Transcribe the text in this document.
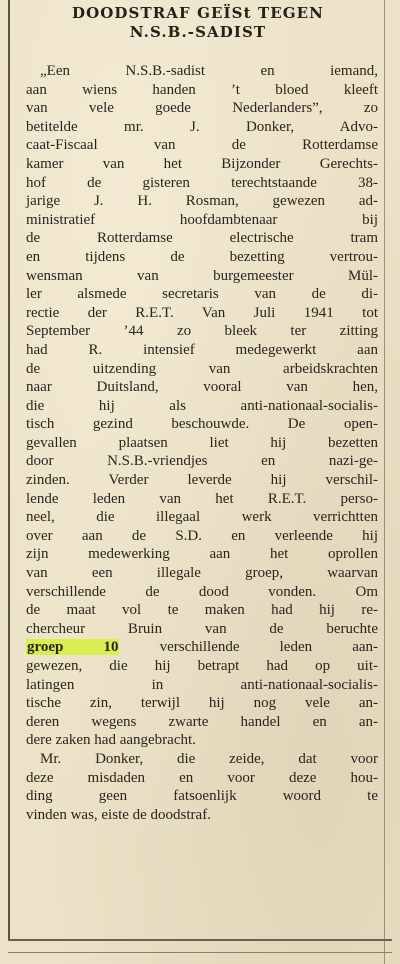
DOODSTRAF GEÏSt TEGEN
N.S.B.-SADIST
„Een N.S.B.-sadist en iemand,
aan wiens handen ’t bloed kleeft
van vele goede Nederlanders”, zo
betitelde mr. J. Donker, Advo-
caat-Fiscaal van de Rotterdamse
kamer van het Bijzonder Gerechts-
hof de gisteren terechtstaande 38-
jarige J. H. Rosman, gewezen ad-
ministratief hoofdambtenaar bij
de Rotterdamse electrische tram
en tijdens de bezetting vertrou-
wensman van burgemeester Mül-
ler alsmede secretaris van de di-
rectie der R.E.T. Van Juli 1941 tot
September ’44 zo bleek ter zitting
had R. intensief medegewerkt aan
de uitzending van arbeidskrachten
naar Duitsland, vooral van hen,
die hij als anti-nationaal-socialis-
tisch gezind beschouwde. De open-
gevallen plaatsen liet hij bezetten
door N.S.B.-vriendjes en nazi-ge-
zinden. Verder leverde hij verschil-
lende leden van het R.E.T. perso-
neel, die illegaal werk verrichtten
over aan de S.D. en verleende hij
zijn medewerking aan het oprollen
van een illegale groep, waarvan
verschillende de dood vonden. Om
de maat vol te maken had hij re-
chercheur Bruin van de beruchte
groep 10	verschillende leden aan-
gewezen, die hij betrapt had op uit-
latingen in anti-nationaal-socialis-
tische zin, terwijl hij nog vele an-
deren wegens zwarte handel en an-
dere zaken had aangebracht.
Mr. Donker, die zeide, dat voor
deze misdaden en voor deze hou-
ding geen fatsoenlijk woord te
vinden was, eiste de doodstraf.
